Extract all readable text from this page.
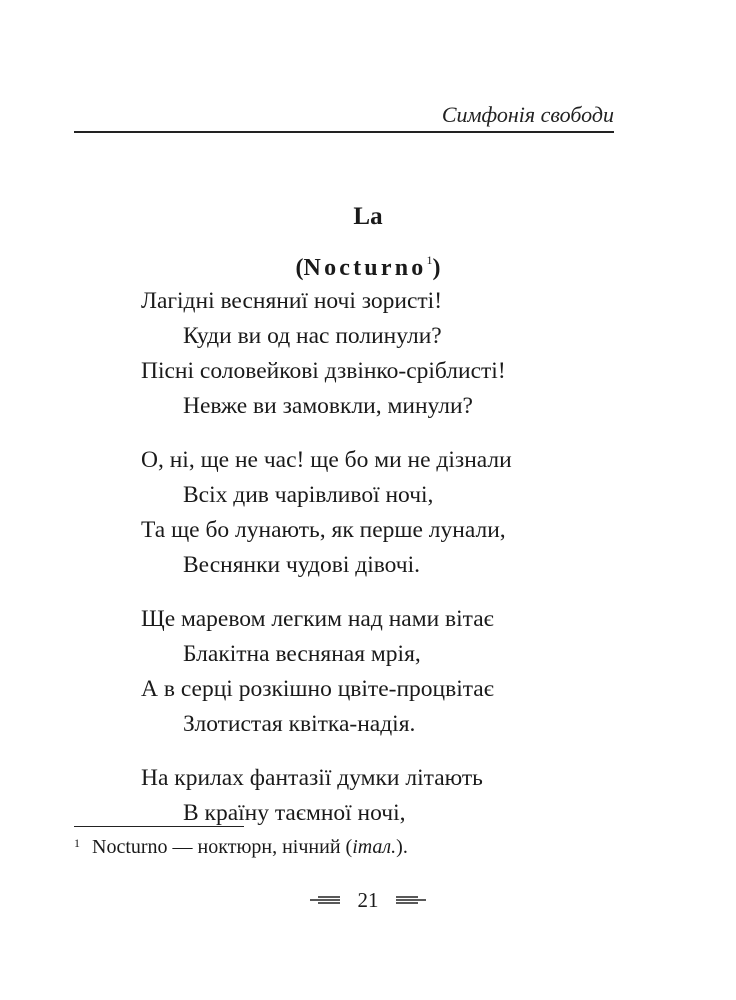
Симфонія свободи
La
(Nocturno$^1$)
Лагідні весняниї ночі зористі!
Куди ви од нас полинули?
Пісні соловейкові дзвінко-сріблисті!
Невже ви замовкли, минули?
О, ні, ще не час! ще бо ми не дізнали
Всіх див чарівливої ночі,
Та ще бо лунають, як перше лунали,
Веснянки чудові дівочі.
Ще маревом легким над нами вітає
Блакітна весняная мрія,
А в серці розкішно цвіте-процвітає
Злотистая квітка-надія.
На крилах фантазії думки літають
В країну таємної ночі,
$^1$ Nocturno — ноктюрн, нічний (італ.).
21
